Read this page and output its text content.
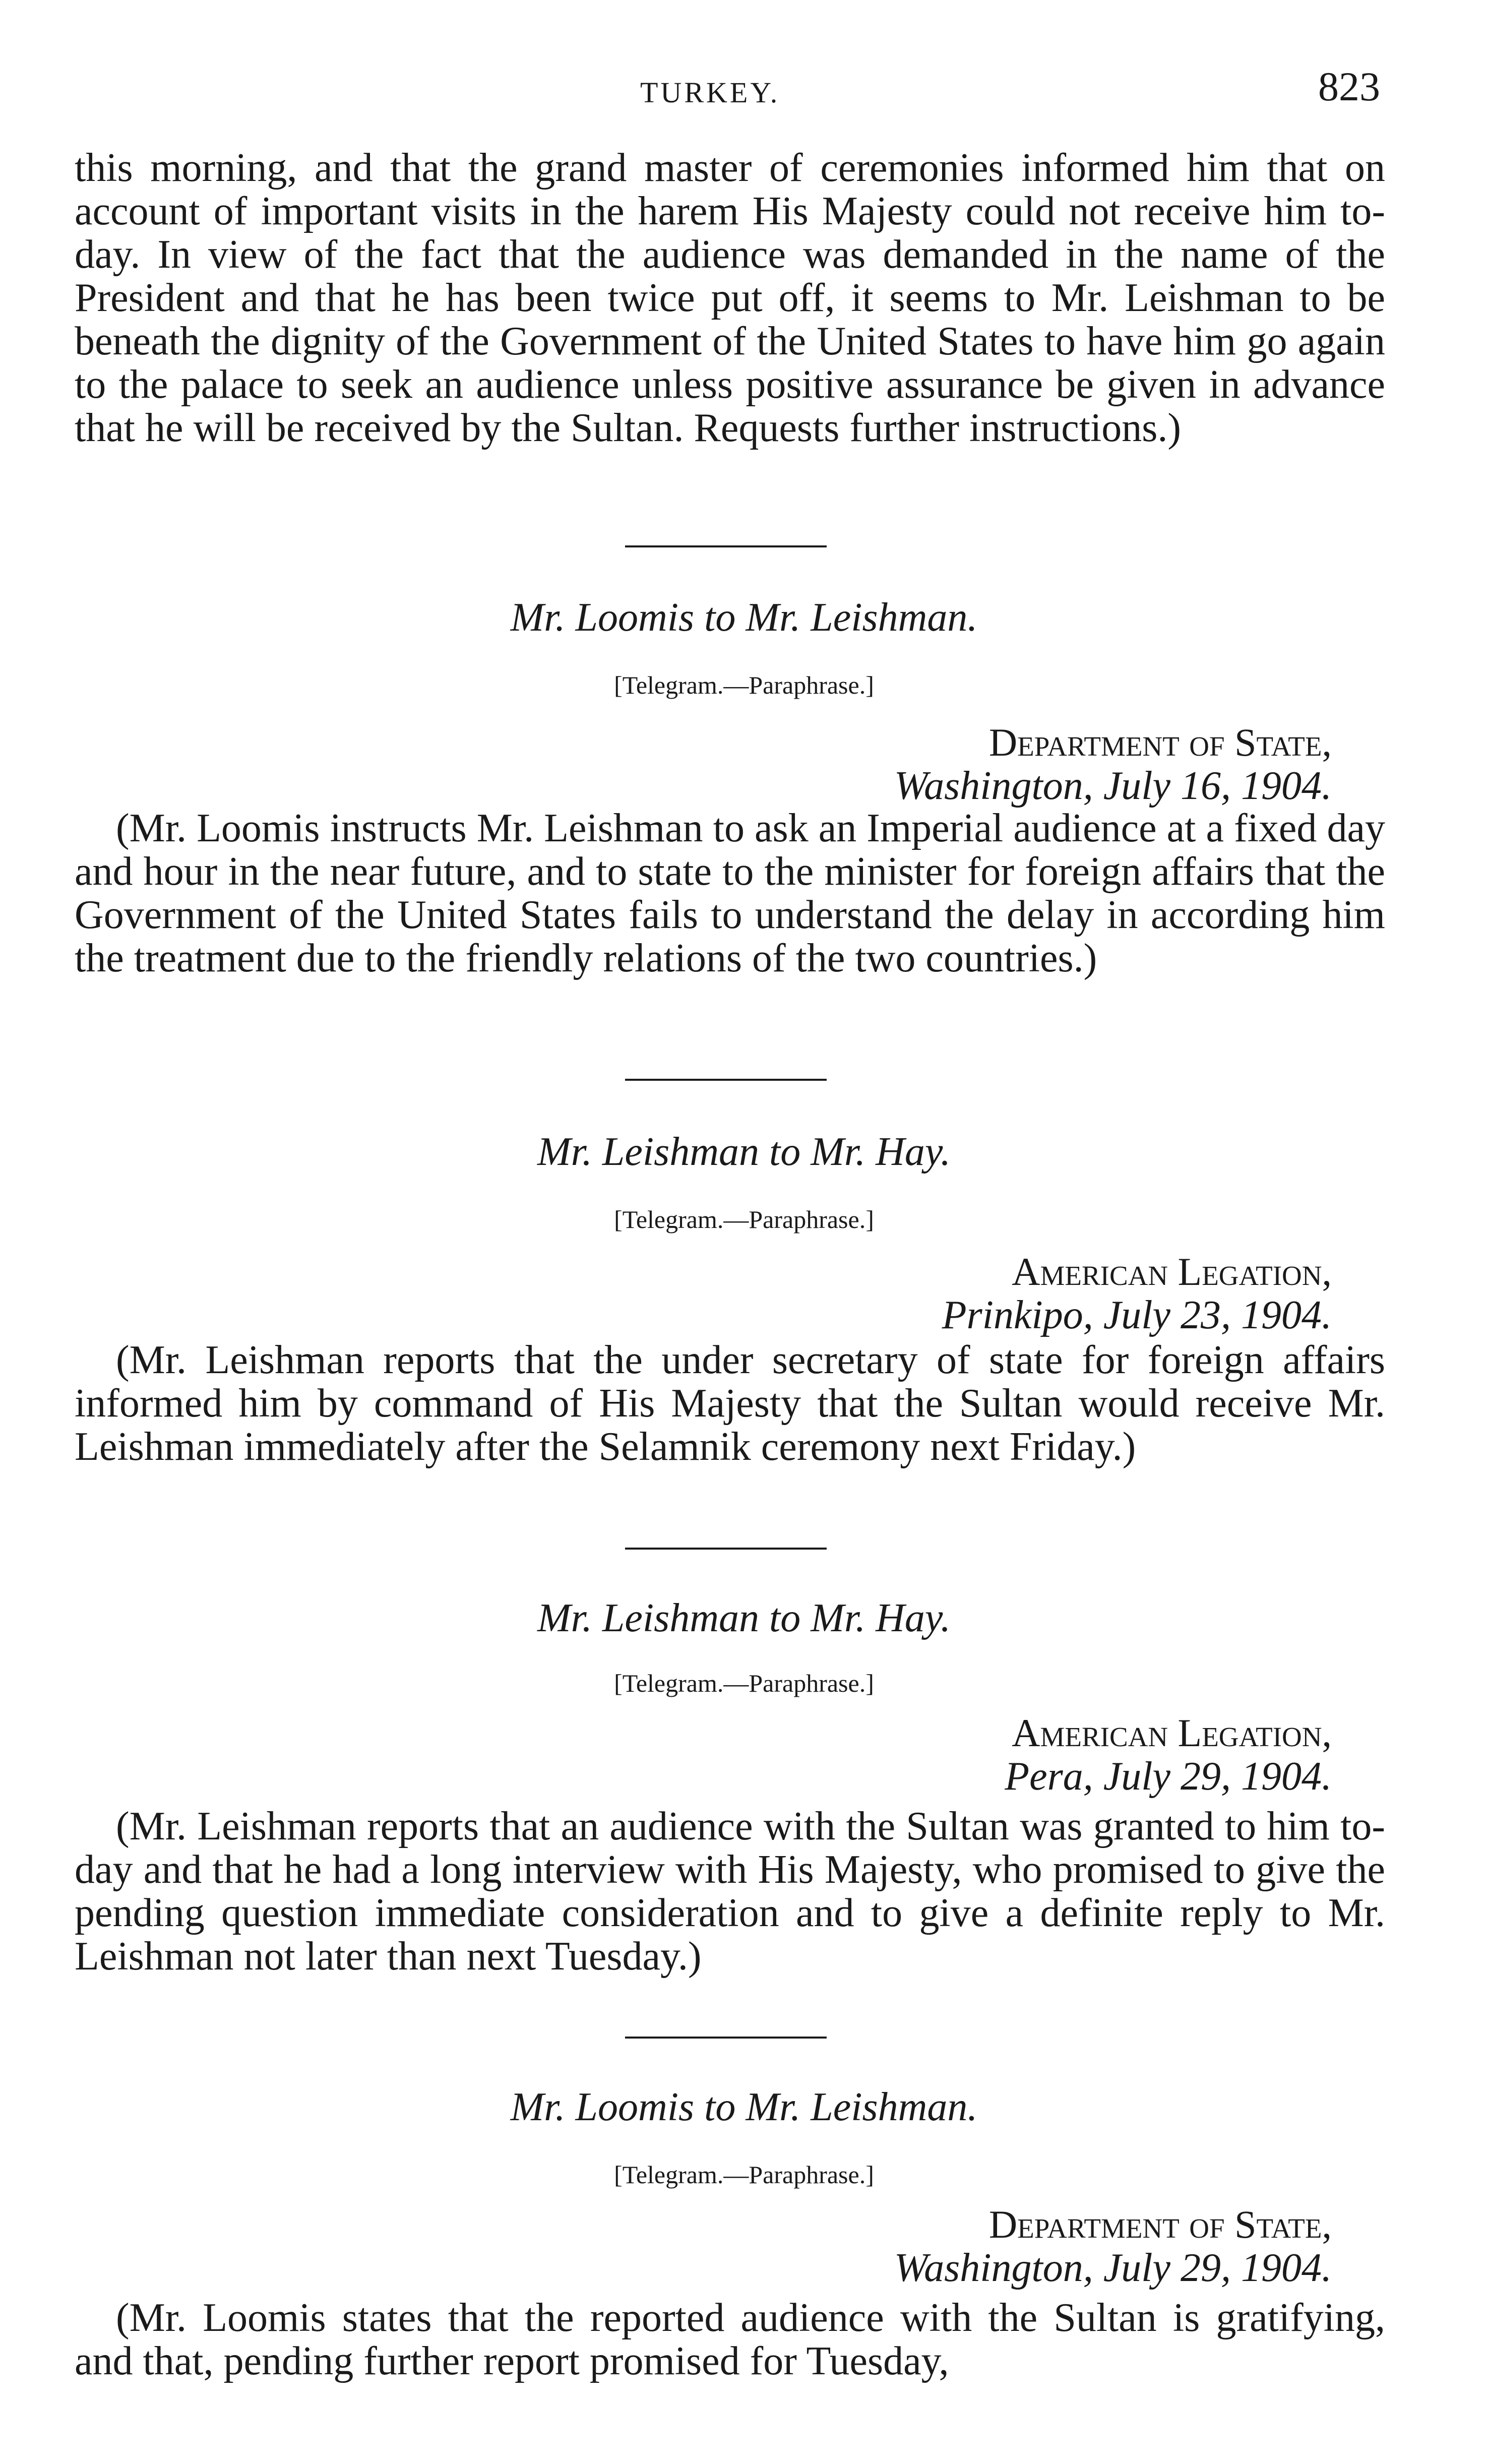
TURKEY.	823

this morning, and that the grand master of ceremonies informed him that on account of important visits in the harem His Majesty could not receive him to-day. In view of the fact that the audience was demanded in the name of the President and that he has been twice put off, it seems to Mr. Leishman to be beneath the dignity of the Government of the United States to have him go again to the palace to seek an audience unless positive assurance be given in advance that he will be received by the Sultan. Requests further instructions.)

Mr. Loomis to Mr. Leishman.
[Telegram.—Paraphrase.]
Department of State,
Washington, July 16, 1904.

(Mr. Loomis instructs Mr. Leishman to ask an Imperial audience at a fixed day and hour in the near future, and to state to the minister for foreign affairs that the Government of the United States fails to understand the delay in according him the treatment due to the friendly relations of the two countries.)

Mr. Leishman to Mr. Hay.
[Telegram.—Paraphrase.]
American Legation,
Prinkipo, July 23, 1904.

(Mr. Leishman reports that the under secretary of state for foreign affairs informed him by command of His Majesty that the Sultan would receive Mr. Leishman immediately after the Selamnik ceremony next Friday.)

Mr. Leishman to Mr. Hay.
[Telegram.—Paraphrase.]
American Legation,
Pera, July 29, 1904.

(Mr. Leishman reports that an audience with the Sultan was granted to him to-day and that he had a long interview with His Majesty, who promised to give the pending question immediate consideration and to give a definite reply to Mr. Leishman not later than next Tuesday.)

Mr. Loomis to Mr. Leishman.
[Telegram.—Paraphrase.]
Department of State,
Washington, July 29, 1904.

(Mr. Loomis states that the reported audience with the Sultan is gratifying, and that, pending further report promised for Tuesday,
